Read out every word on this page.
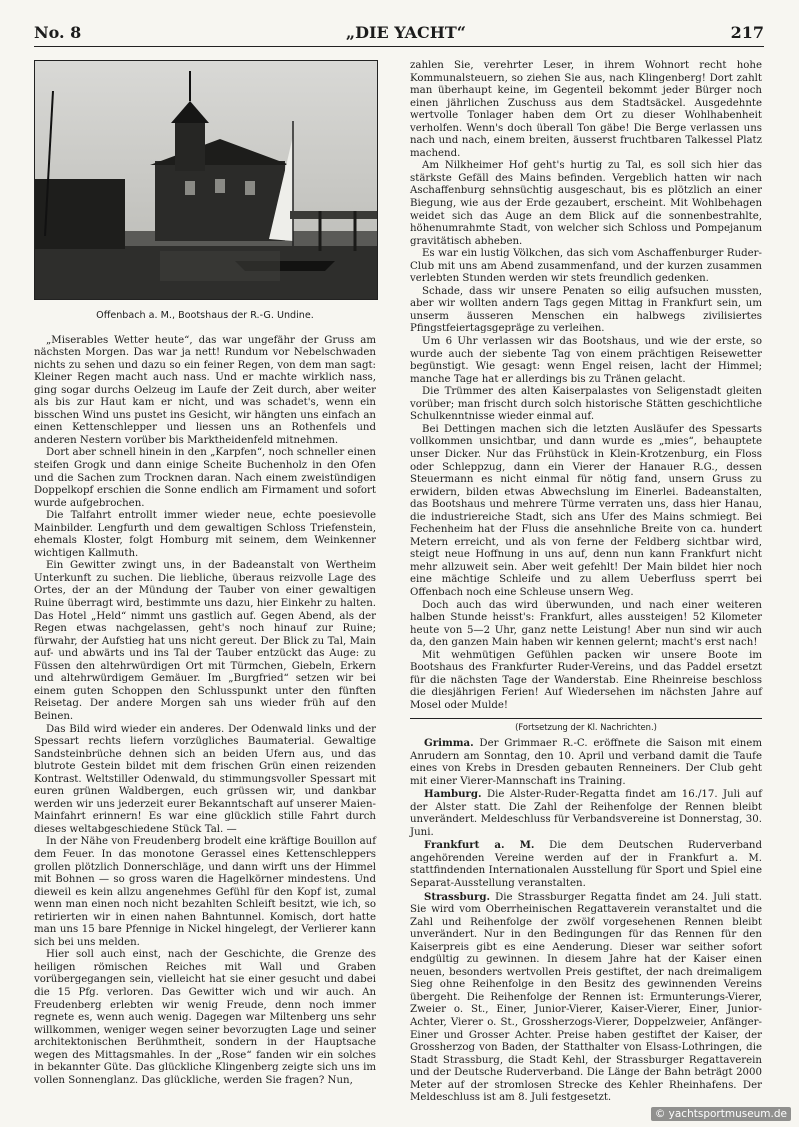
No. 8	„DIE YACHT“	217
Offenbach a. M., Bootshaus der R.-G. Undine.

„Miserables Wetter heute“, das war ungefähr der Gruss am nächsten Morgen. Das war ja nett! Rundum vor Nebelschwaden nichts zu sehen und dazu so ein feiner Regen, von dem man sagt: Kleiner Regen macht auch nass. Und er machte wirklich nass, ging sogar durchs Oelzeug im Laufe der Zeit durch, aber weiter als bis zur Haut kam er nicht, und was schadet's, wenn ein bisschen Wind uns pustet ins Gesicht, wir hängten uns einfach an einen Kettenschlepper und liessen uns an Rothenfels und anderen Nestern vorüber bis Marktheidenfeld mitnehmen.

Dort aber schnell hinein in den „Karpfen“, noch schneller einen steifen Grogk und dann einige Scheite Buchenholz in den Ofen und die Sachen zum Trocknen daran. Nach einem zweistündigen Doppelkopf erschien die Sonne endlich am Firmament und sofort wurde aufgebrochen.

Die Talfahrt entrollt immer wieder neue, echte poesievolle Mainbilder. Lengfurth und dem gewaltigen Schloss Triefenstein, ehemals Kloster, folgt Homburg mit seinem, dem Weinkenner wichtigen Kallmuth.

Ein Gewitter zwingt uns, in der Badeanstalt von Wertheim Unterkunft zu suchen. Die liebliche, überaus reizvolle Lage des Ortes, der an der Mündung der Tauber von einer gewaltigen Ruine überragt wird, bestimmte uns dazu, hier Einkehr zu halten. Das Hotel „Held“ nimmt uns gastlich auf. Gegen Abend, als der Regen etwas nachgelassen, geht's noch hinauf zur Ruine; fürwahr, der Aufstieg hat uns nicht gereut. Der Blick zu Tal, Main auf- und abwärts und ins Tal der Tauber entzückt das Auge: zu Füssen den altehrwürdigen Ort mit Türmchen, Giebeln, Erkern und altehrwürdigem Gemäuer. Im „Burgfried“ setzen wir bei einem guten Schoppen den Schlusspunkt unter den fünften Reisetag. Der andere Morgen sah uns wieder früh auf den Beinen.

Das Bild wird wieder ein anderes. Der Odenwald links und der Spessart rechts liefern vorzügliches Baumaterial. Gewaltige Sandsteinbrüche dehnen sich an beiden Ufern aus, und das blutrote Gestein bildet mit dem frischen Grün einen reizenden Kontrast. Weltstiller Odenwald, du stimmungsvoller Spessart mit euren grünen Waldbergen, euch grüssen wir, und dankbar werden wir uns jederzeit eurer Bekanntschaft auf unserer Maien-Mainfahrt erinnern! Es war eine glücklich stille Fahrt durch dieses weltabgeschiedene Stück Tal. —

In der Nähe von Freudenberg brodelt eine kräftige Bouillon auf dem Feuer. In das monotone Gerassel eines Kettenschleppers grollen plötzlich Donnerschläge, und dann wirft uns der Himmel mit Bohnen — so gross waren die Hagelkörner mindestens. Und dieweil es kein allzu angenehmes Gefühl für den Kopf ist, zumal wenn man einen noch nicht bezahlten Schleift besitzt, wie ich, so retirierten wir in einen nahen Bahntunnel. Komisch, dort hatte man uns 15 bare Pfennige in Nickel hingelegt, der Verlierer kann sich bei uns melden.

Hier soll auch einst, nach der Geschichte, die Grenze des heiligen römischen Reiches mit Wall und Graben vorübergegangen sein, vielleicht hat sie einer gesucht und dabei die 15 Pfg. verloren. Das Gewitter wich und wir auch. An Freudenberg erlebten wir wenig Freude, denn noch immer regnete es, wenn auch wenig. Dagegen war Miltenberg uns sehr willkommen, weniger wegen seiner bevorzugten Lage und seiner architektonischen Berühmtheit, sondern in der Hauptsache wegen des Mittagsmahles. In der „Rose“ fanden wir ein solches in bekannter Güte. Das glückliche Klingenberg zeigte sich uns im vollen Sonnenglanz. Das glückliche, werden Sie fragen? Nun,

zahlen Sie, verehrter Leser, in ihrem Wohnort recht hohe Kommunalsteuern, so ziehen Sie aus, nach Klingenberg! Dort zahlt man überhaupt keine, im Gegenteil bekommt jeder Bürger noch einen jährlichen Zuschuss aus dem Stadtsäckel. Ausgedehnte wertvolle Tonlager haben dem Ort zu dieser Wohlhabenheit verholfen. Wenn's doch überall Ton gäbe! Die Berge verlassen uns nach und nach, einem breiten, äusserst fruchtbaren Talkessel Platz machend.

Am Nilkheimer Hof geht's hurtig zu Tal, es soll sich hier das stärkste Gefäll des Mains befinden. Vergeblich hatten wir nach Aschaffenburg sehnsüchtig ausgeschaut, bis es plötzlich an einer Biegung, wie aus der Erde gezaubert, erscheint. Mit Wohlbehagen weidet sich das Auge an dem Blick auf die sonnenbestrahlte, höhenumrahmte Stadt, von welcher sich Schloss und Pompejanum gravitätisch abheben.

Es war ein lustig Völkchen, das sich vom Aschaffenburger Ruder-Club mit uns am Abend zusammenfand, und der kurzen zusammen verlebten Stunden werden wir stets freundlich gedenken.

Schade, dass wir unsere Penaten so eilig aufsuchen mussten, aber wir wollten andern Tags gegen Mittag in Frankfurt sein, um unserm äusseren Menschen ein halbwegs zivilisiertes Pfingstfeiertagsgepräge zu verleihen.

Um 6 Uhr verlassen wir das Bootshaus, und wie der erste, so wurde auch der siebente Tag von einem prächtigen Reisewetter begünstigt. Wie gesagt: wenn Engel reisen, lacht der Himmel; manche Tage hat er allerdings bis zu Tränen gelacht.

Die Trümmer des alten Kaiserpalastes von Seligenstadt gleiten vorüber; man frischt durch solch historische Stätten geschichtliche Schulkenntnisse wieder einmal auf.

Bei Dettingen machen sich die letzten Ausläufer des Spessarts vollkommen unsichtbar, und dann wurde es „mies“, behauptete unser Dicker. Nur das Frühstück in Klein-Krotzenburg, ein Floss oder Schleppzug, dann ein Vierer der Hanauer R.G., dessen Steuermann es nicht einmal für nötig fand, unsern Gruss zu erwidern, bilden etwas Abwechslung im Einerlei. Badeanstalten, das Bootshaus und mehrere Türme verraten uns, dass hier Hanau, die industriereiche Stadt, sich ans Ufer des Mains schmiegt. Bei Fechenheim hat der Fluss die ansehnliche Breite von ca. hundert Metern erreicht, und als von ferne der Feldberg sichtbar wird, steigt neue Hoffnung in uns auf, denn nun kann Frankfurt nicht mehr allzuweit sein. Aber weit gefehlt! Der Main bildet hier noch eine mächtige Schleife und zu allem Ueberfluss sperrt bei Offenbach noch eine Schleuse unsern Weg.

Doch auch das wird überwunden, und nach einer weiteren halben Stunde heisst's: Frankfurt, alles aussteigen! 52 Kilometer heute von 5—2 Uhr, ganz nette Leistung! Aber nun sind wir auch da, den ganzen Main haben wir kennen gelernt; macht's erst nach!

Mit wehmütigen Gefühlen packen wir unsere Boote im Bootshaus des Frankfurter Ruder-Vereins, und das Paddel ersetzt für die nächsten Tage der Wanderstab. Eine Rheinreise beschloss die diesjährigen Ferien! Auf Wiedersehen im nächsten Jahre auf Mosel oder Mulde!

(Fortsetzung der Kl. Nachrichten.)

Grimma. Der Grimmaer R.-C. eröffnete die Saison mit einem Anrudern am Sonntag, den 10. April und verband damit die Taufe eines von Krebs in Dresden gebauten Renneiners. Der Club geht mit einer Vierer-Mannschaft ins Training.

Hamburg. Die Alster-Ruder-Regatta findet am 16./17. Juli auf der Alster statt. Die Zahl der Reihenfolge der Rennen bleibt unverändert. Meldeschluss für Verbandsvereine ist Donnerstag, 30. Juni.

Frankfurt a. M. Die dem Deutschen Ruderverband angehörenden Vereine werden auf der in Frankfurt a. M. stattfindenden Internationalen Ausstellung für Sport und Spiel eine Separat-Ausstellung veranstalten.

Strassburg. Die Strassburger Regatta findet am 24. Juli statt. Sie wird vom Oberrheinischen Regattaverein veranstaltet und die Zahl und Reihenfolge der zwölf vorgesehenen Rennen bleibt unverändert. Nur in den Bedingungen für das Rennen für den Kaiserpreis gibt es eine Aenderung. Dieser war seither sofort endgültig zu gewinnen. In diesem Jahre hat der Kaiser einen neuen, besonders wertvollen Preis gestiftet, der nach dreimaligem Sieg ohne Reihenfolge in den Besitz des gewinnenden Vereins übergeht. Die Reihenfolge der Rennen ist: Ermunterungs-Vierer, Zweier o. St., Einer, Junior-Vierer, Kaiser-Vierer, Einer, Junior-Achter, Vierer o. St., Grossherzogs-Vierer, Doppelzweier, Anfänger-Einer und Grosser Achter. Preise haben gestiftet der Kaiser, der Grossherzog von Baden, der Statthalter von Elsass-Lothringen, die Stadt Strassburg, die Stadt Kehl, der Strassburger Regattaverein und der Deutsche Ruderverband. Die Länge der Bahn beträgt 2000 Meter auf der stromlosen Strecke des Kehler Rheinhafens. Der Meldeschluss ist am 8. Juli festgesetzt.

© yachtsportmuseum.de
